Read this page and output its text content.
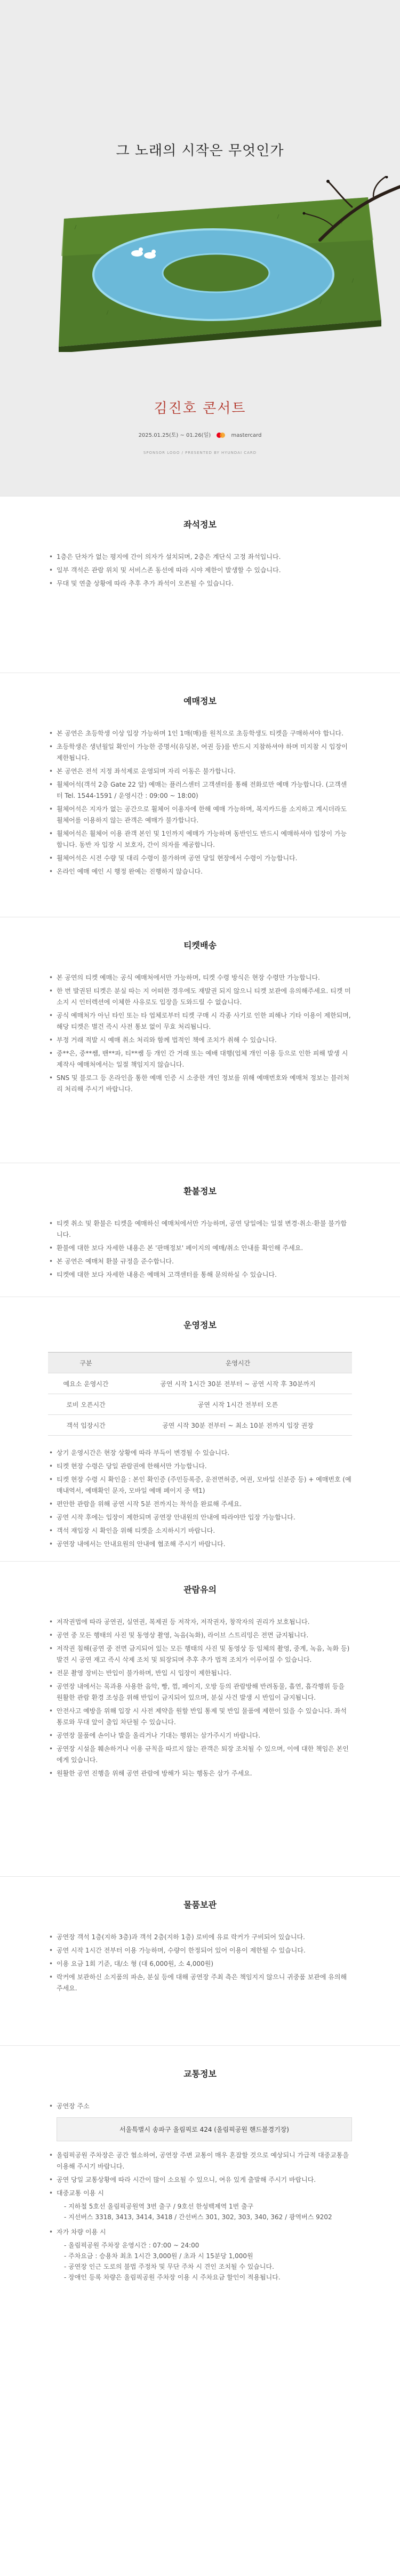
그 노래의 시작은 무엇인가
김진호 콘서트
2025.01.25(토) ~ 01.26(일)	mastercard
SPONSOR LOGO / PRESENTED BY HYUNDAI CARD
좌석정보
• 1층은 단차가 없는 평지에 간이 의자가 설치되며, 2층은 계단식 고정 좌석입니다.
• 일부 객석은 관람 위치 및 서비스존 동선에 따라 시야 제한이 발생할 수 있습니다.
• 무대 및 연출 상황에 따라 추후 추가 좌석이 오픈될 수 있습니다.
예매정보
• 본 공연은 초등학생 이상 입장 가능하며 1인 1매(매)를 원칙으로 초등학생도 티켓을 구매하셔야 합니다.
• 초등학생은 생년월일 확인이 가능한 증명서(유딩본, 여권 등)를 반드시 지참하셔야 하며 미지참 시 입장이 제한됩니다.
• 본 공연은 전석 지정 좌석제로 운영되며 자리 이동은 불가합니다.
• 휠체어석(객석 2층 Gate 22 앞) 예매는 플러스센터 고객센터를 통해 전화로만 예매 가능합니다. (고객센터 Tel. 1544-1591 / 운영시간 : 09:00 ~ 18:00)
• 휠체어석은 지자가 없는 공간으로 휠체어 이용자에 한해 예매 가능하며, 복지카드를 소지하고 계시더라도 휠체어를 이용하지 않는 관객은 예매가 불가합니다.
• 휠체어석은 휠체어 이용 관객 본인 및 1인까지 예매가 가능하며 동반인도 반드시 예매하셔야 입장이 가능합니다. 동반 자 입장 시 보호자, 간이 의자를 제공합니다.
• 휠체어석은 시전 수량 및 대리 수령이 불가하며 공연 당일 현장에서 수령이 가능합니다.
• 온라인 예매 예인 시 행정 완예는 진행하지 않습니다.
티켓배송
• 본 공연의 티켓 예매는 공식 예매처에서만 가능하며, 티켓 수령 방식은 현장 수령만 가능합니다.
• 한 번 발권된 티켓은 분실 따는 지 어떠한 경우에도 재발권 되지 않으니 티켓 보관에 유의해주세요. 티켓 미소지 시 인터렉션에 이체한 사유로도 입장을 도와드릴 수 없습니다.
• 공식 예매처가 아닌 타인 또는 타 업체로부터 티켓 구매 시 각종 사기로 인한 피해나 기타 이용이 제한되며, 해당 티켓은 별건 즉시 사전 통보 없이 무효 처리됩니다.
• 부정 거래 적발 시 예매 취소 처리와 함께 법적인 책에 조치가 취해 수 있습니다.
• 중**은, 중**쌤, 밴**파, 티**쌤 등 개인 간 거래 또는 예배 대행(업체 개인 이용 등으로 인한 피해 발생 시 제작사 예매처에서는 일절 책임지지 않습니다.
• SNS 및 블로그 등 온라인을 통한 예매 인증 시 소중한 개인 정보를 위해 예매번호와 예매처 정보는 블러처리 처리해 주시기 바랍니다.
환불정보
• 티켓 취소 및 환불은 티켓을 예매하신 예매처에서만 가능하며, 공연 당일에는 일절 변경·취소·환불 불가합니다.
• 환불에 대한 보다 자세한 내용은 본 '판매정보' 페이지의 예매/취소 안내를 확인해 주세요.
• 본 공연은 예매처 환불 규정을 준수합니다.
• 티켓에 대한 보다 자세한 내용은 예매처 고객센터를 통해 문의하실 수 있습니다.
운영정보
구분	운영시간
예요소 운영시간	공연 시작 1시간 30분 전부터 ~ 공연 시작 후 30분까지
로비 오픈시간	공연 시작 1시간 전부터 오픈
객석 입장시간	공연 시작 30분 전부터 ~ 최소 10분 전까지 입장 권장
• 상기 운영시간은 현장 상황에 따라 부득이 변경될 수 있습니다.
• 티켓 현장 수령은 당일 관람권에 한해서만 가능합니다.
• 티켓 현장 수령 시 확인을 : 본인 확인증 (주민등록증, 운전면허증, 여권, 모바일 신분증 등) + 예매번호 (예매내역서, 예매확인 문자, 모바일 예매 페이지 중 택1)
• 편안한 관람을 위해 공연 시작 5분 전까지는 착석을 완료해 주세요.
• 공연 시작 후에는 입장이 제한되며 공연장 안내원의 안내에 따라야만 입장 가능합니다.
• 객석 재입장 시 확인을 위해 티켓을 소지하시기 바랍니다.
• 공연장 내에서는 안내요원의 안내에 협조해 주시기 바랍니다.
관람유의
• 저작권법에 따라 공연권, 실연권, 복제권 등 저작자, 저작권자, 창작자의 권리가 보호됩니다.
• 공연 중 모든 행태의 사진 및 동영상 촬영, 녹음(녹화), 라이브 스트리밍은 전면 금지됩니다.
• 저작권 침해(공연 중 전면 금지되어 있는 모든 행태의 사진 및 동영상 등 임체의 촬영, 중계, 녹음, 녹화 등) 발견 시 공연 재고 즉시 삭제 조치 및 퇴장되며 추후 추가 법적 조치가 이루어질 수 있습니다.
• 전문 촬영 장비는 반입이 불가하며, 반입 시 입장이 제한됩니다.
• 공연장 내에서는 목과용 사용한 음악, 빵, 껌, 페이지, 오방 등의 관람방해 반려동물, 흡연, 흡각행위 등을 원활한 관람 환경 조성을 위해 반입이 금지되어 있으며, 분실 사건 발생 시 반입이 금지됩니다.
• 안전사고 예방을 위해 입장 시 사전 제약을 원할 반입 통제 및 반입 물품에 제한이 있을 수 있습니다. 좌석 통로와 무대 앞이 출입 차단될 수 있습니다.
• 공연장 물품에 손이나 발을 올리거나 기대는 행위는 삼가주시기 바랍니다.
• 공연장 시설을 훼손하거나 이용 규칙을 따르지 않는 관객은 퇴장 조치될 수 있으며, 이에 대한 책임은 본인에게 있습니다.
• 원활한 공연 진행을 위해 공연 관람에 방해가 되는 행동은 삼가 주세요.
물품보관
• 공연장 객석 1층(지하 3층)과 객석 2층(지하 1층) 로비에 유료 락커가 구비되어 있습니다.
• 공연 시작 1시간 전부터 이용 가능하며, 수량이 한정되어 있어 이용이 제한될 수 있습니다.
• 이용 요금 1회 기준, 대/소 형 (대 6,000원, 소 4,000원)
• 락커에 보관하신 소지품의 파손, 분실 등에 대해 공연장 주최 측은 책임지지 않으니 귀중품 보관에 유의해 주세요.
교통정보
• 공연장 주소
서울특별시 송파구 올림픽로 424 (올림픽공원 핸드볼경기장)
• 올림픽공원 주차장은 공간 협소하여, 공연장 주변 교통이 매우 혼잡할 것으로 예상되니 가급적 대중교통을 이용해 주시기 바랍니다.
• 공연 당일 교통상황에 따라 시간이 많이 소요될 수 있으니, 여유 있게 출발해 주시기 바랍니다.
• 대중교통 이용 시
- 지하철 5호선 올림픽공원역 3번 출구 / 9호선 한성백제역 1번 출구
- 지선버스 3318, 3413, 3414, 3418 / 간선버스 301, 302, 303, 340, 362 / 광역버스 9202
• 자가 차량 이용 시
- 올림픽공원 주차장 운영시간 : 07:00 ~ 24:00
- 주차요금 : 승용차 최초 1시간 3,000원 / 초과 시 15분당 1,000원
- 공연장 인근 도로의 불법 주정차 및 무단 주차 시 견인 조치될 수 있습니다.
- 장애인 등록 차량은 올림픽공원 주차장 이용 시 주차요금 할인이 적용됩니다.
